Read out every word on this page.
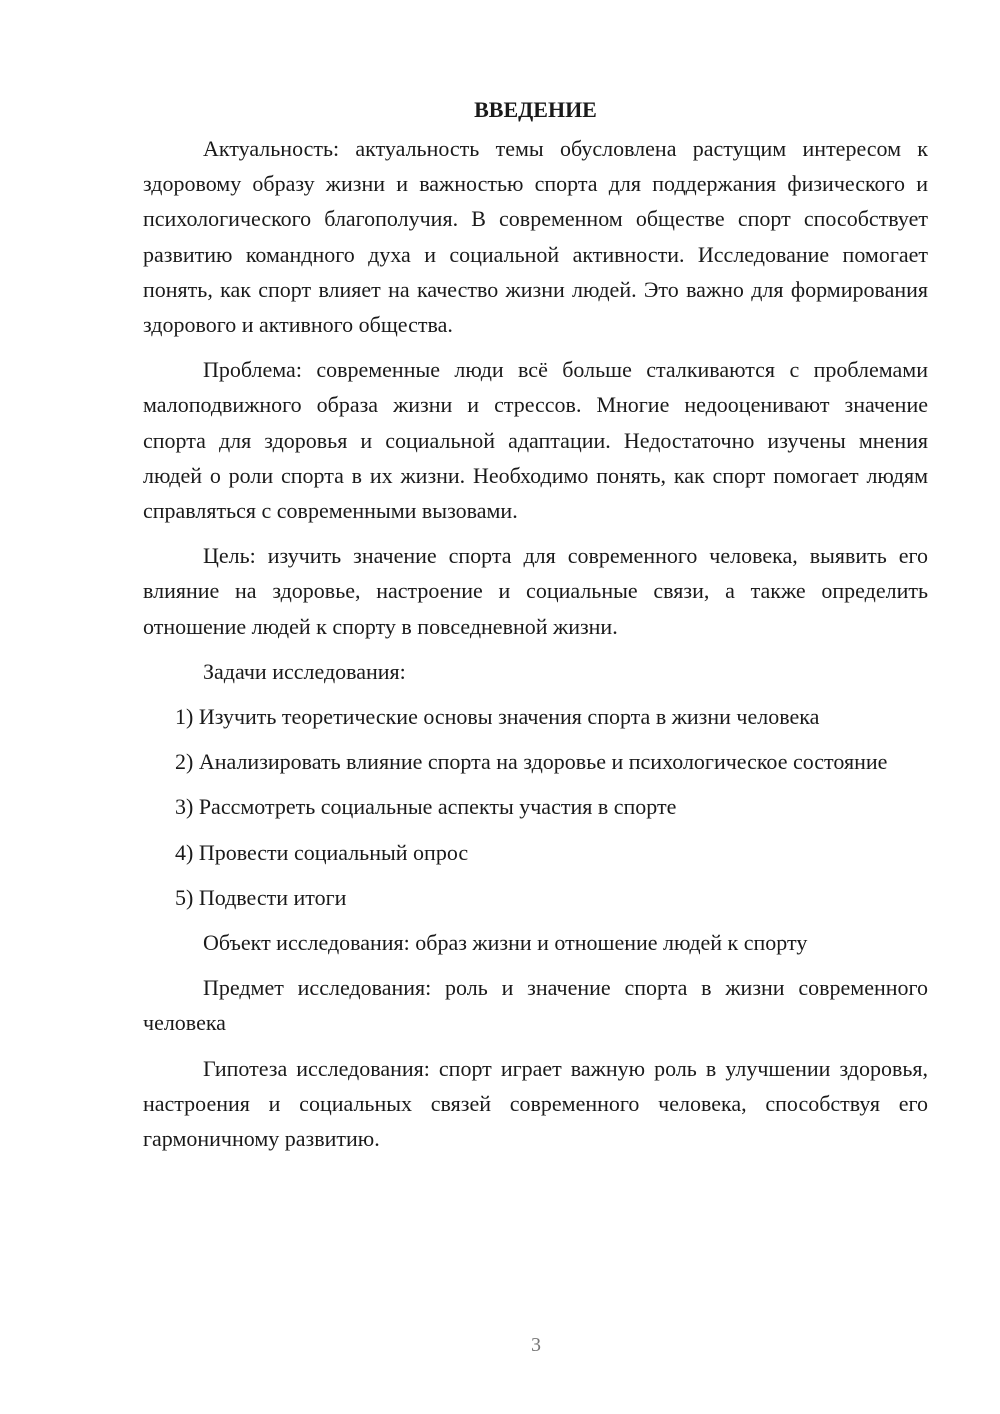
ВВЕДЕНИЕ

Актуальность: актуальность темы обусловлена растущим интересом к здоровому образу жизни и важностью спорта для поддержания физического и психологического благополучия. В современном обществе спорт способствует развитию командного духа и социальной активности. Исследование помогает понять, как спорт влияет на качество жизни людей. Это важно для формирования здорового и активного общества.

Проблема: современные люди всё больше сталкиваются с проблемами малоподвижного образа жизни и стрессов. Многие недооценивают значение спорта для здоровья и социальной адаптации. Недостаточно изучены мнения людей о роли спорта в их жизни. Необходимо понять, как спорт помогает людям справляться с современными вызовами.

Цель: изучить значение спорта для современного человека, выявить его влияние на здоровье, настроение и социальные связи, а также определить отношение людей к спорту в повседневной жизни.

Задачи исследования:

1) Изучить теоретические основы значения спорта в жизни человека

2) Анализировать влияние спорта на здоровье и психологическое состояние

3) Рассмотреть социальные аспекты участия в спорте

4) Провести социальный опрос

5) Подвести итоги

Объект исследования: образ жизни и отношение людей к спорту

Предмет исследования: роль и значение спорта в жизни современного человека

Гипотеза исследования: спорт играет важную роль в улучшении здоровья, настроения и социальных связей современного человека, способствуя его гармоничному развитию.

3
